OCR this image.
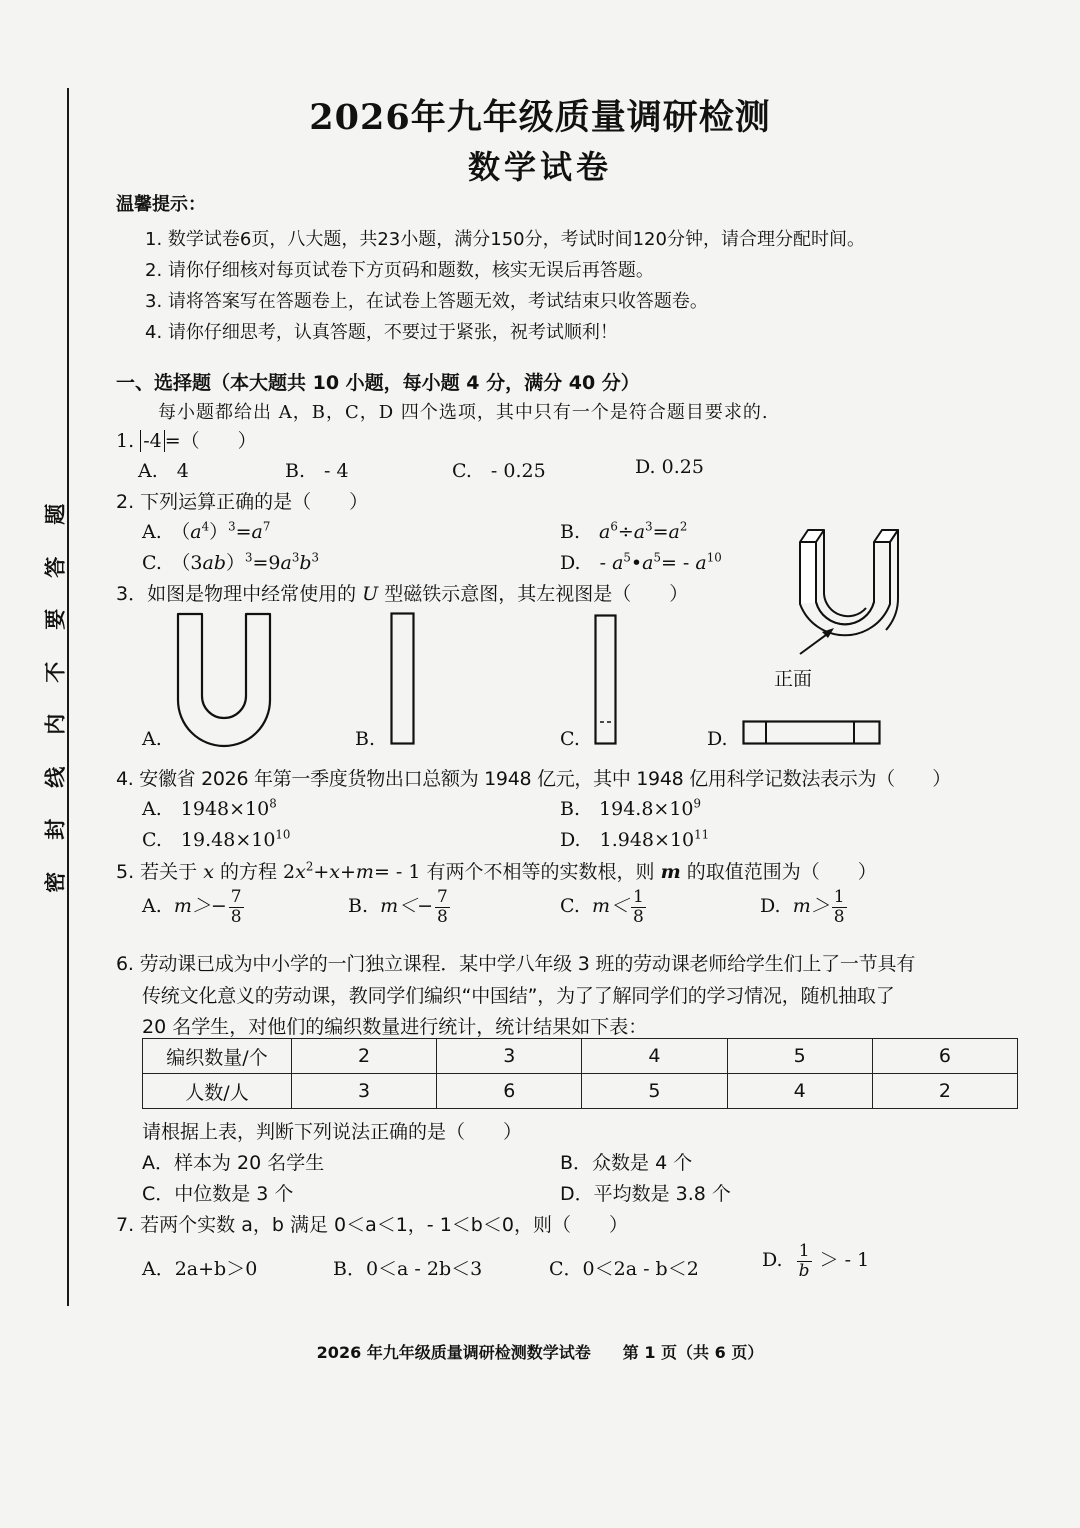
题
答
要
不
内
线
封
密
2026年九年级质量调研检测
数学试卷
温馨提示：
1. 数学试卷6页，八大题，共23小题，满分150分，考试时间120分钟，请合理分配时间。
2. 请你仔细核对每页试卷下方页码和题数，核实无误后再答题。
3. 请将答案写在答题卷上，在试卷上答题无效，考试结束只收答题卷。
4. 请你仔细思考，认真答题，不要过于紧张，祝考试顺利！
一、选择题（本大题共 10 小题，每小题 4 分，满分 40 分）
每小题都给出 A，B，C，D 四个选项，其中只有一个是符合题目要求的.
1. -4 =（　　）
A.　4	B.　- 4	C.　- 0.25	D. 0.25
2. 下列运算正确的是（　　）
A.　$(a^4)^3=a^7$	B.　 $a^6\div a^3=a^2$
C.　$(3ab)^3=9a^3b^3$	D.　- $a^5•a^5= - a^{10}$
3．如图是物理中经常使用的 U 型磁铁示意图，其左视图是（　　）
正面
A.	B.	C.	D.
4. 安徽省 2026 年第一季度货物出口总额为 1948 亿元，其中 1948 亿用科学记数法表示为（　　）
A.　 $1948\times 10^8$	B.　 $194.8\times 10^9$
C.　 $19.48\times 10^{10}$	D.　 $1.948\times 10^{11}$
5. 若关于 x 的方程 $2x^2+x+m= - 1$ 有两个不相等的实数根，则 m 的取值范围为（　　）
A. $m>- \frac{7}{8}$	B. $m<- \frac{7}{8}$	C. $m< \frac{1}{8}$	D. $m> \frac{1}{8}$
6. 劳动课已成为中小学的一门独立课程．某中学八年级 3 班的劳动课老师给学生们上了一节具有
传统文化意义的劳动课，教同学们编织“中国结”，为了了解同学们的学习情况，随机抽取了
20 名学生，对他们的编织数量进行统计，统计结果如下表：
编织数量/个	2	3	4	5	6
人数/人	3	6	5	4	2
请根据上表，判断下列说法正确的是（　　）
A．样本为 20 名学生	B．众数是 4 个
C．中位数是 3 个	D．平均数是 3.8 个
7. 若两个实数 a，b 满足 0＜a＜1，- 1＜b＜0，则（　　）
A．2a+b＞0	B．0＜a - 2b＜3	C．0＜2a - b＜2	D. $\frac{1}{b}$ ＞ - 1
2026 年九年级质量调研检测数学试卷　　第 1 页（共 6 页）
